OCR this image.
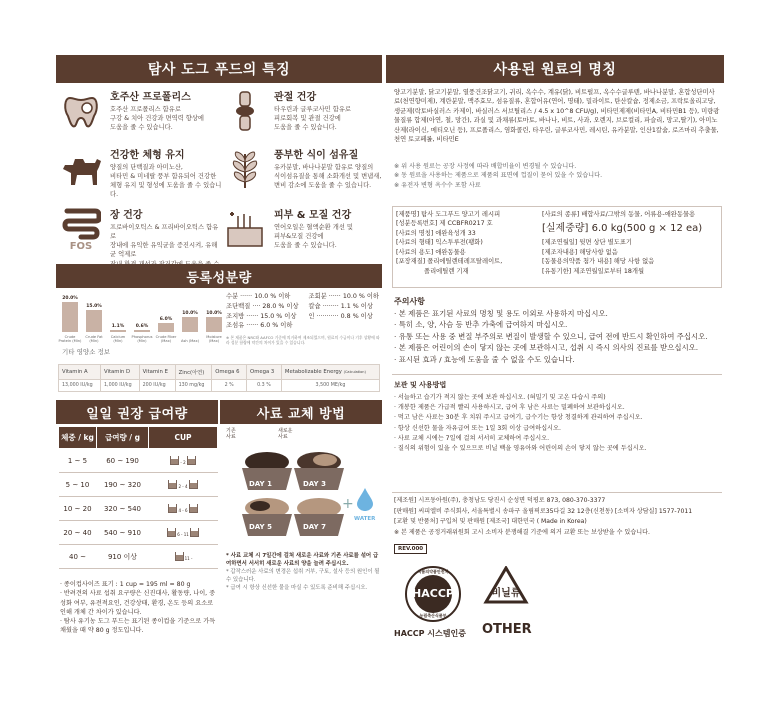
탐사 도그 푸드의 특징
호주산 프로폴리스

호주산 프로폴리스 함유로
구강 & 치아 건강과 면역력 향상에
도움을 줄 수 있습니다.

관절 건강

타우린과 글루코사민 함유로
피로회복 및 관절 건강에
도움을 줄 수 있습니다.

건강한 체형 유지

양질의 단백질과 아미노산,
비타민 & 미네랄 풍부 함유되어 건강한
체형 유지 및 형성에 도움을 줄 수 있습니다.

풍부한 식이 섬유질

유카분말, 바나나분말 함유로 양질의
식이섬유질을 통해 소화개선 및 변냄새,
변비 감소에 도움을 줄 수 있습니다.

FOS
장 건강

프로바이오틱스 & 프리바이오틱스 함유로
장내에 유익한 유익균을 증진시켜, 유해균 억제로

피부 & 모질 건강

연어오일은 혈액순환 개선 및
피부&모질 건강에
도움을 줄 수 있습니다.

등록성분량
20.0%
Crude Protein (Min)
15.0%
Crude Fat (Min)
1.1%
Calcium (Min)
0.6%
Phosphorus (Min)
6.0%
Crude Fiber (Max)
10.0%
Ash (Max)
10.0%
Moisture (Max)
수분 ······ 10.0 % 이하
조단백질 ···· 28.0 % 이상
조지방 ······ 15.0 % 이상
조섬유 ······ 6.0 % 이하
조회분 ······ 10.0 % 이하
칼슘 ········ 1.1 % 이상
인 ··········· 0.8 % 이상
※ 본 제품은 NRC와 AAFCO 기준에 의거하여 제조되었으며, 원료의 수급이나 기후 상황에 따라 성분 함량에 약간의 차이가 있을 수 있습니다.
기타 영양소 정보
Vitamin A	Vitamin D	Vitamin E	Zinc(아연)	Omega 6	Omega 3	Metabolizable Energy (Calculation)
13,000 IU/kg	1,000 IU/kg	200 IU/kg	130 mg/kg	2 %	0.3 %	3,500 ME/kg
일일 권장 급여량	사료 교체 방법
체중 / kg	급여량 / g	CUP
1 ~ 5	60 ~ 190	- 2
5 ~ 10	190 ~ 320	2 - 4
10 ~ 20	320 ~ 540	4 - 6
20 ~ 40	540 ~ 910	6 - 11
40 ~	910 이상	11 -
· 종이컵사이즈 표기 : 1 cup = 195 ml = 80 g
· 반려견의 사료 섭취 요구량은 신진대사, 활동량, 나이, 중성화 여부, 유전적요인, 건강상태, 환경, 온도 등의 요소로 인해 개체 간 차이가 있습니다.
· 탐사 유기농 도그 푸드는 표기된 종이컵을 기준으로 가득 채웠을 때 약 80 g 정도입니다.
기존
사료
새로운
사료
DAY 1	DAY 3
DAY 5	DAY 7
+
WATER
* 사료 교체 시 7일간에 걸쳐 새로운 사료와 기존 사료를 섞어 급여하면서 서서히 새로운 사료의 양을 늘려 주십시오.
* 갑작스러운 사료의 변경은 섭취 거부, 구토, 설사 등의 원인이 될 수 있습니다.
* 급여 시 항상 신선한 물을 마실 수 있도록 준비해 주십시오.
사용된 원료의 명칭
양고기분말, 닭고기분말, 열풍건조닭고기, 귀리, 옥수수, 계유(닭), 비트펄프, 옥수수글루텐, 바나나분말, 혼합성단미사료(천연향미제), 계란분말, 맥주효모, 섬유질류, 혼합어유(연어, 명태), 밀라이트, 탄산칼슘, 정제소금, 프락토올리고당, 생균제(락토바실러스 카제이, 바실러스 서브틸리스 / 4.5 x 10^8 CFU/g), 비타민제제(비타민A, 비타민B1 등), 미량광물질류 합제(아연, 철, 망간), 과실 및 과채류(토마토, 바나나, 비트, 사과, 오렌지, 브로컬리, 파슬리, 망고,딸기), 아미노산제(라이신, 메티오닌 등), 프로폴리스, 염화콜린, 타우린, 글루코사민, 레시틴, 유카분말, 인산1칼슘, 로즈마리 추출물, 천연 토코페롤, 비타민E
※ 위 사용 원료는 공장 사정에 따라 배합비율이 변경될 수 있습니다.
※ 동 원료을 사용하는 제품으로 제품의 표면에 껍질이 묻어 있을 수 있습니다.
※ 유전자 변형 옥수수 포함 사료
[제품명] 탐사 도그푸드 양고기 레시피
[성분등록번호] 제 CCBFR0217 호
[사료의 명칭] 애완육성개 33
[사료의 형태] 익스투루전(팽화)
[사료의 용도] 애완동물용
[포장재질] 폴리에틸렌테레프탈레이트,
폴리에틸렌 기재
[사료의 종류] 배합사료/그밖의 동물, 어류용-애완동물용
[실제중량] 6.0 kg(500 g × 12 ea)
[제조연월일] 뒷면 상단 별도표기
[제조자내용] 해당사항 없음
[동물용의약품 첨가 내용] 해당 사항 없음
[유통기한] 제조연월일로부터 18개월
주의사항
· 본 제품은 표기된 사료의 명칭 및 용도 이외로 사용하지 마십시오.
· 특히 소, 양, 사슴 등 반추 가축에 급여하지 마십시오.
· 유통 또는 사용 중 변질 부주의로 변질이 발생할 수 있으니, 급여 전에 반드시 확인하여 주십시오.
· 본 제품은 어린이의 손이 닿지 않는 곳에 보관하시고, 섭취 시 즉시 의사의 진료를 받으십시오.
· 표시된 효과 / 효능에 도움을 줄 수 없을 수도 있습니다.
보관 및 사용방법
· 서늘하고 습기가 적지 않는 곳에 보관 하십시오. (혀밀기 및 고온 다습시 주의)
· 개봉한 제품은 가급적 빨리 사용하시고, 급여 후 남은 사료는 밀폐하여 보관하십시오.
· 먹고 남은 사료는 30분 후 치워 주시고 급여기, 급수기는 항상 청결하게 관리하여 주십시오.
· 항상 신선한 물을 자유급여 또는 1일 3회 이상 급여하십시오.
· 사료 교체 시에는 7일에 걸쳐 서서히 교체하여 주십시오.
· 질식의 위험이 있을 수 있으므로 비닐 백을 영유아와 어린이의 손이 닿지 않는 곳에 두십시오.
[제조원] 시프동아원(주), 충청남도 당진시 순성면 덕평로 873, 080-370-3377
[판매원] 씨피엘비 주식회사, 서울특별시 송파구 올림픽로35다길 32 12층(신천동) [소비자 상담실] 1577-7011
[교환 및 반품처] 구입처 및 판매원 [제조국] 대한민국 ( Made in Korea)
※ 본 제품은 공정거래위원회 고시 소비자 분쟁해결 기준에 의거 교환 또는 보상받을 수 있습니다.
REV.000
식품의약품안전처
HACCP
농림축산식품부
HACCP 시스템인증
비닐류
OTHER
